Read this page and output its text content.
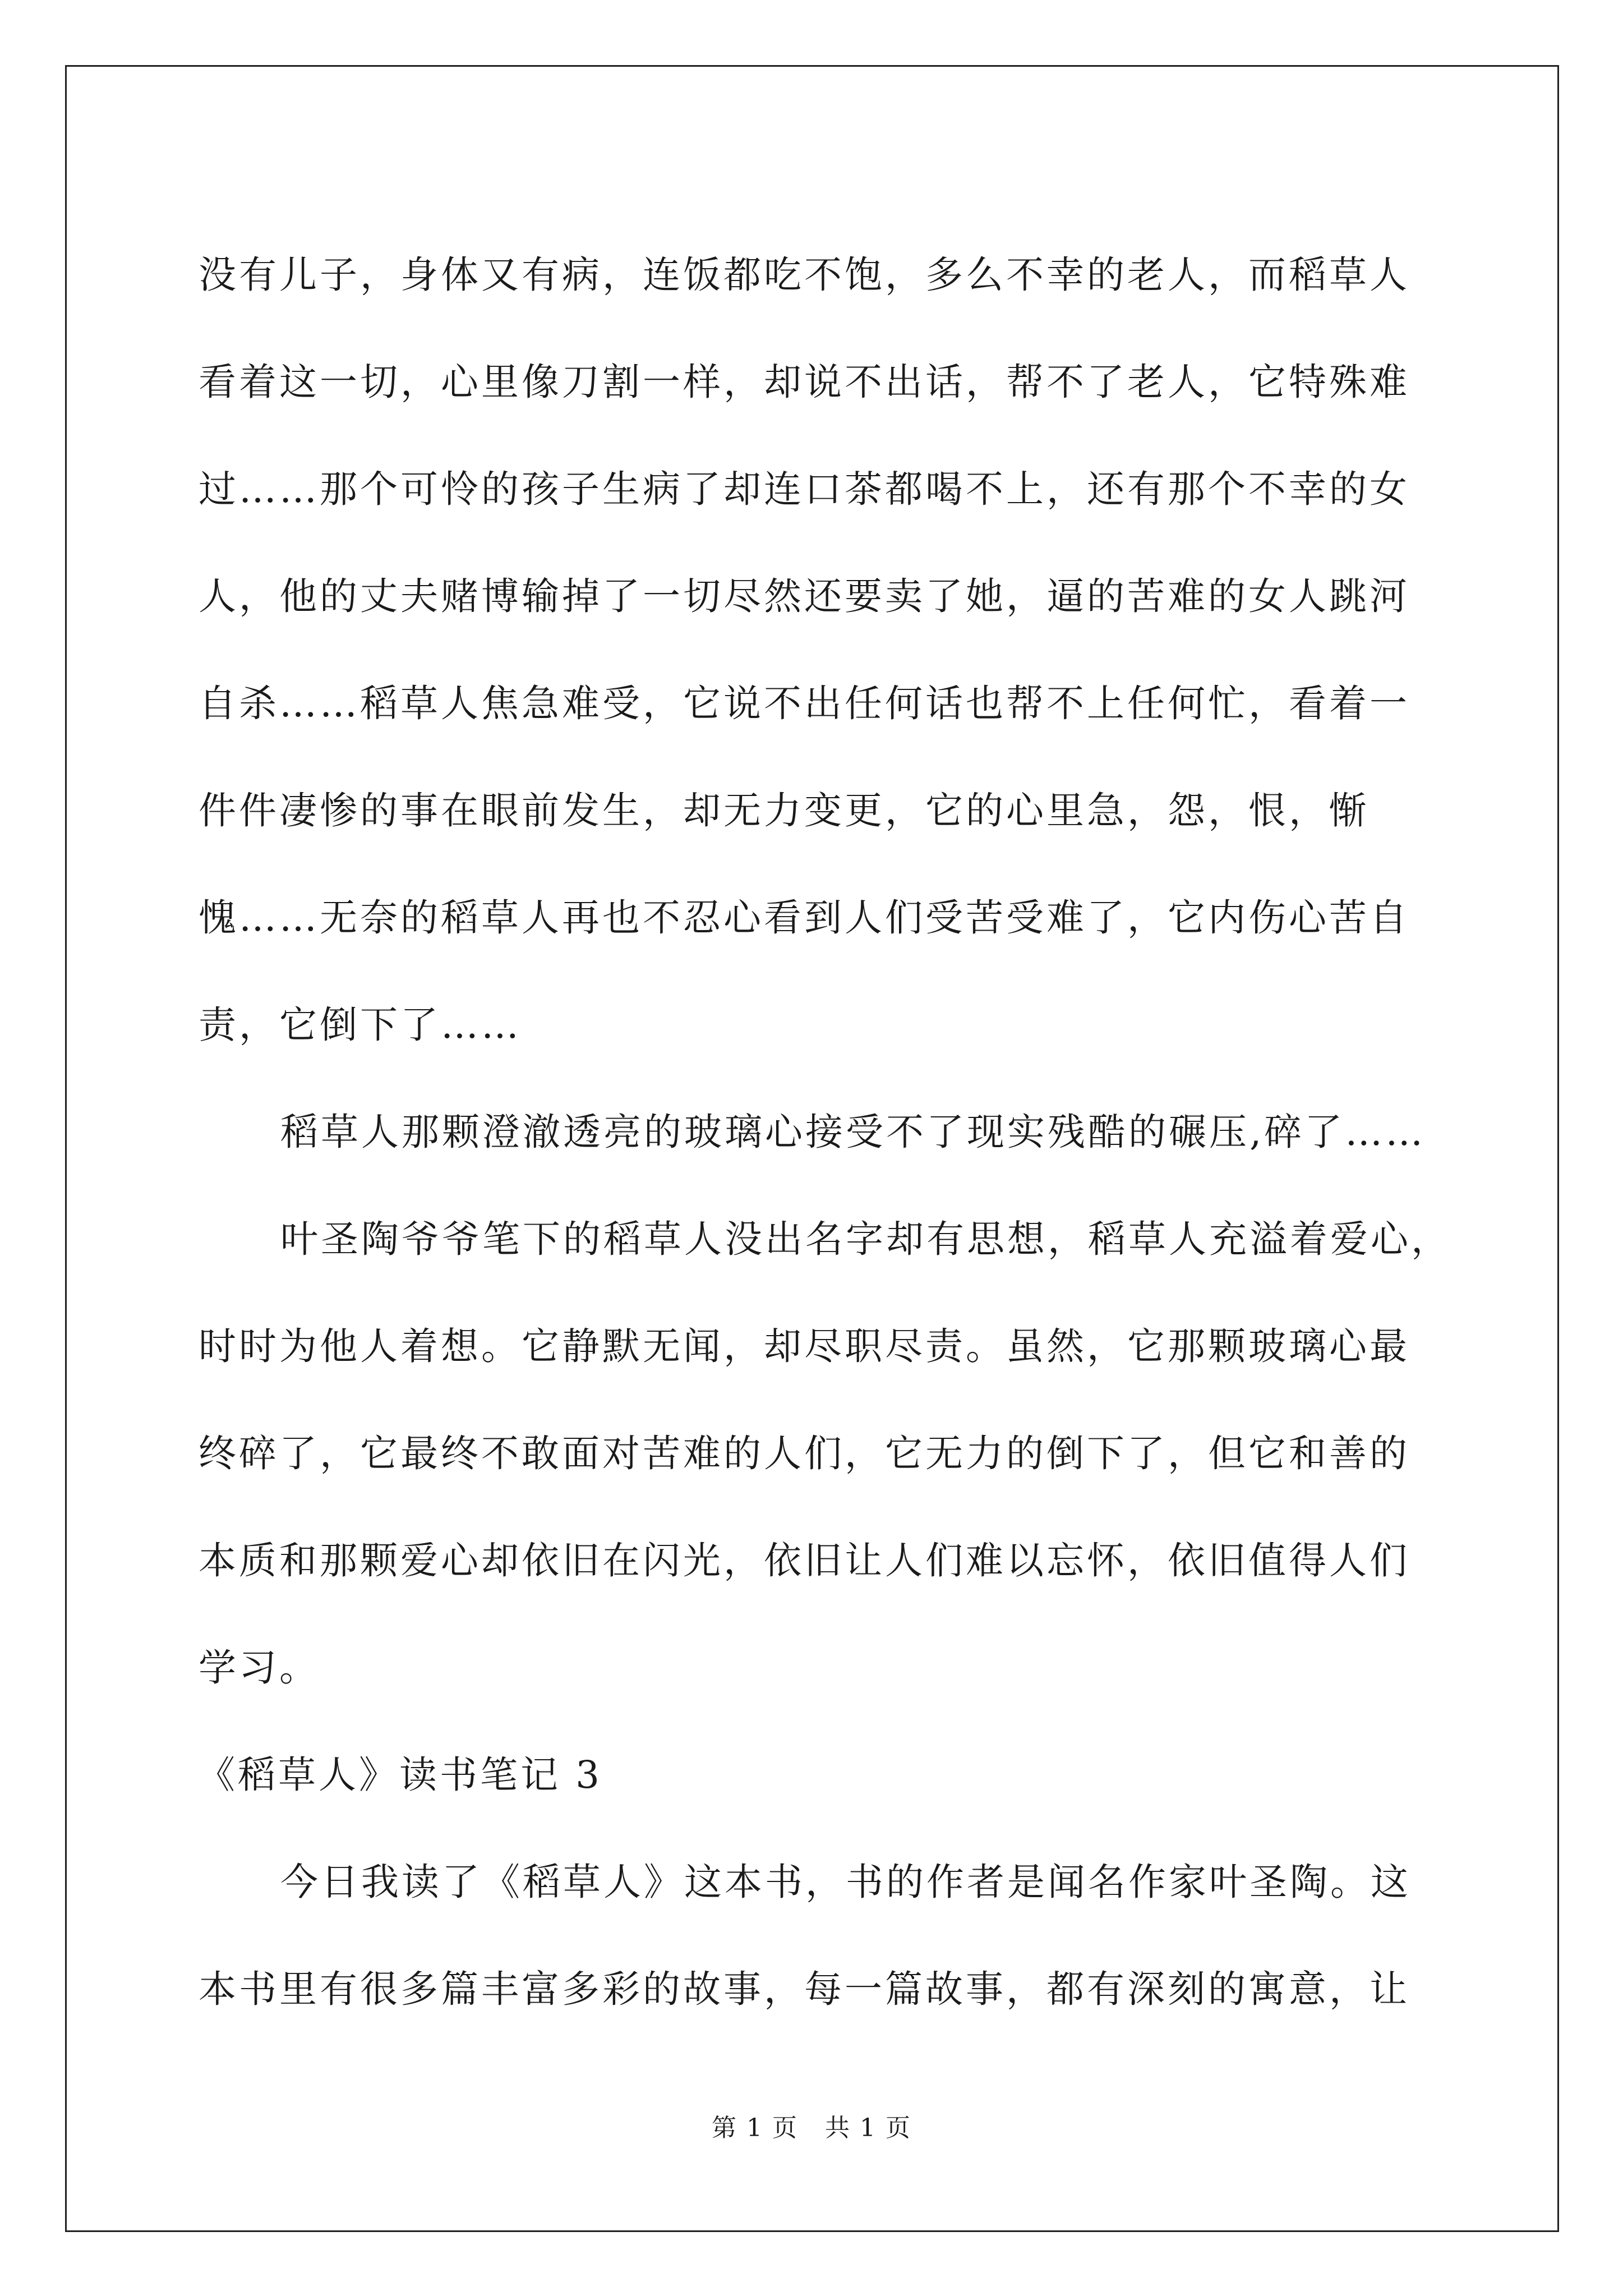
没有儿子，身体又有病，连饭都吃不饱，多么不幸的老人，而稻草人
看着这一切，心里像刀割一样，却说不出话，帮不了老人，它特殊难
过……那个可怜的孩子生病了却连口茶都喝不上，还有那个不幸的女
人，他的丈夫赌博输掉了一切尽然还要卖了她，逼的苦难的女人跳河
自杀……稻草人焦急难受，它说不出任何话也帮不上任何忙，看着一
件件凄惨的事在眼前发生，却无力变更，它的心里急，怨，恨，惭
愧……无奈的稻草人再也不忍心看到人们受苦受难了，它内伤心苦自
责，它倒下了……
稻草人那颗澄澈透亮的玻璃心接受不了现实残酷的碾压,碎了……
叶圣陶爷爷笔下的稻草人没出名字却有思想，稻草人充溢着爱心，
时时为他人着想。它静默无闻，却尽职尽责。虽然，它那颗玻璃心最
终碎了，它最终不敢面对苦难的人们，它无力的倒下了，但它和善的
本质和那颗爱心却依旧在闪光，依旧让人们难以忘怀，依旧值得人们
学习。
《稻草人》读书笔记 3
今日我读了《稻草人》这本书，书的作者是闻名作家叶圣陶。这
本书里有很多篇丰富多彩的故事，每一篇故事，都有深刻的寓意，让
第 1 页   共 1 页
